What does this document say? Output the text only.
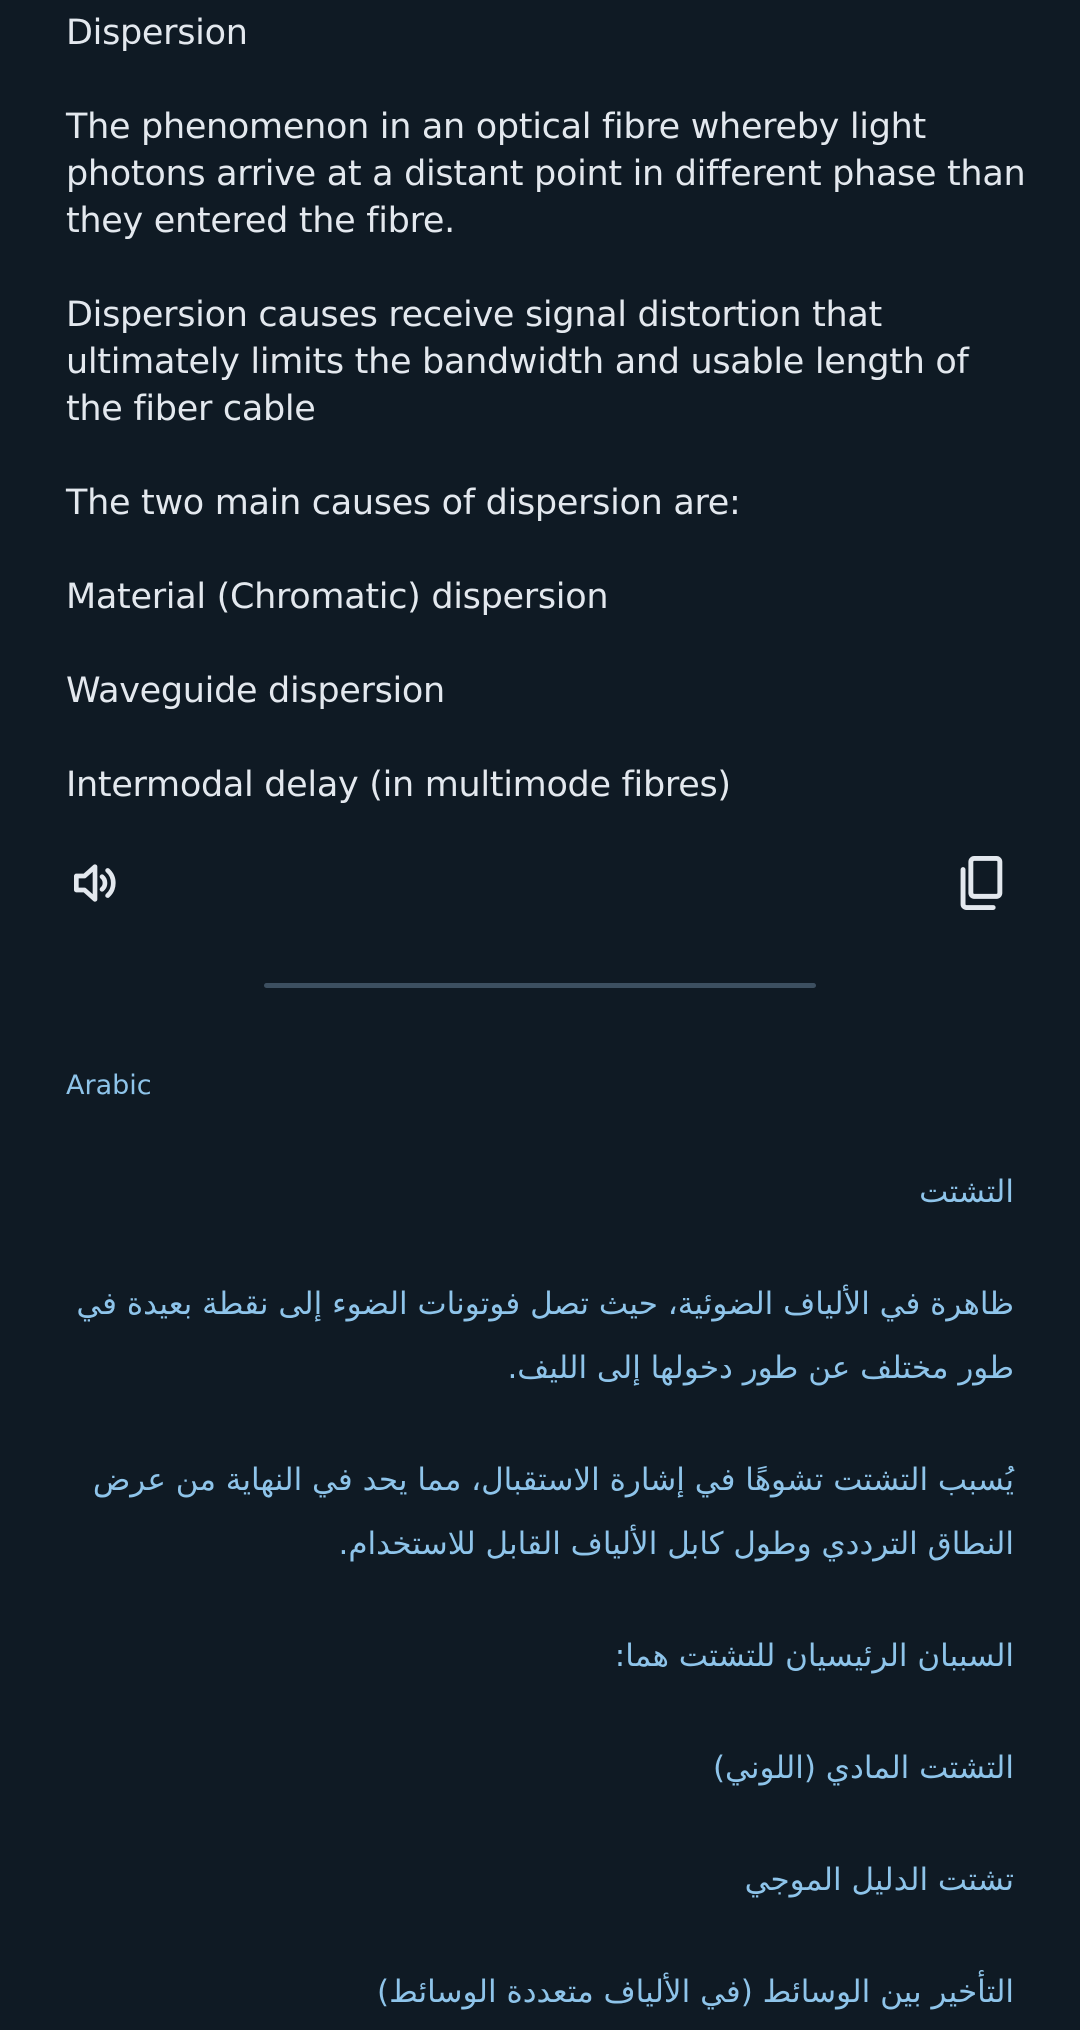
Dispersion

The phenomenon in an optical fibre whereby light photons arrive at a distant point in different phase than they entered the fibre.

Dispersion causes receive signal distortion that ultimately limits the bandwidth and usable length of the fiber cable

The two main causes of dispersion are:

Material (Chromatic) dispersion

Waveguide dispersion

Intermodal delay (in multimode fibres)

Arabic

التشتت

ظاهرة في الألياف الضوئية، حيث تصل فوتونات الضوء إلى نقطة بعيدة في طور مختلف عن طور دخولها إلى الليف.

يُسبب التشتت تشوهًا في إشارة الاستقبال، مما يحد في النهاية من عرض النطاق الترددي وطول كابل الألياف القابل للاستخدام.

السببان الرئيسيان للتشتت هما:

التشتت المادي (اللوني)

تشتت الدليل الموجي

التأخير بين الوسائط (في الألياف متعددة الوسائط)
